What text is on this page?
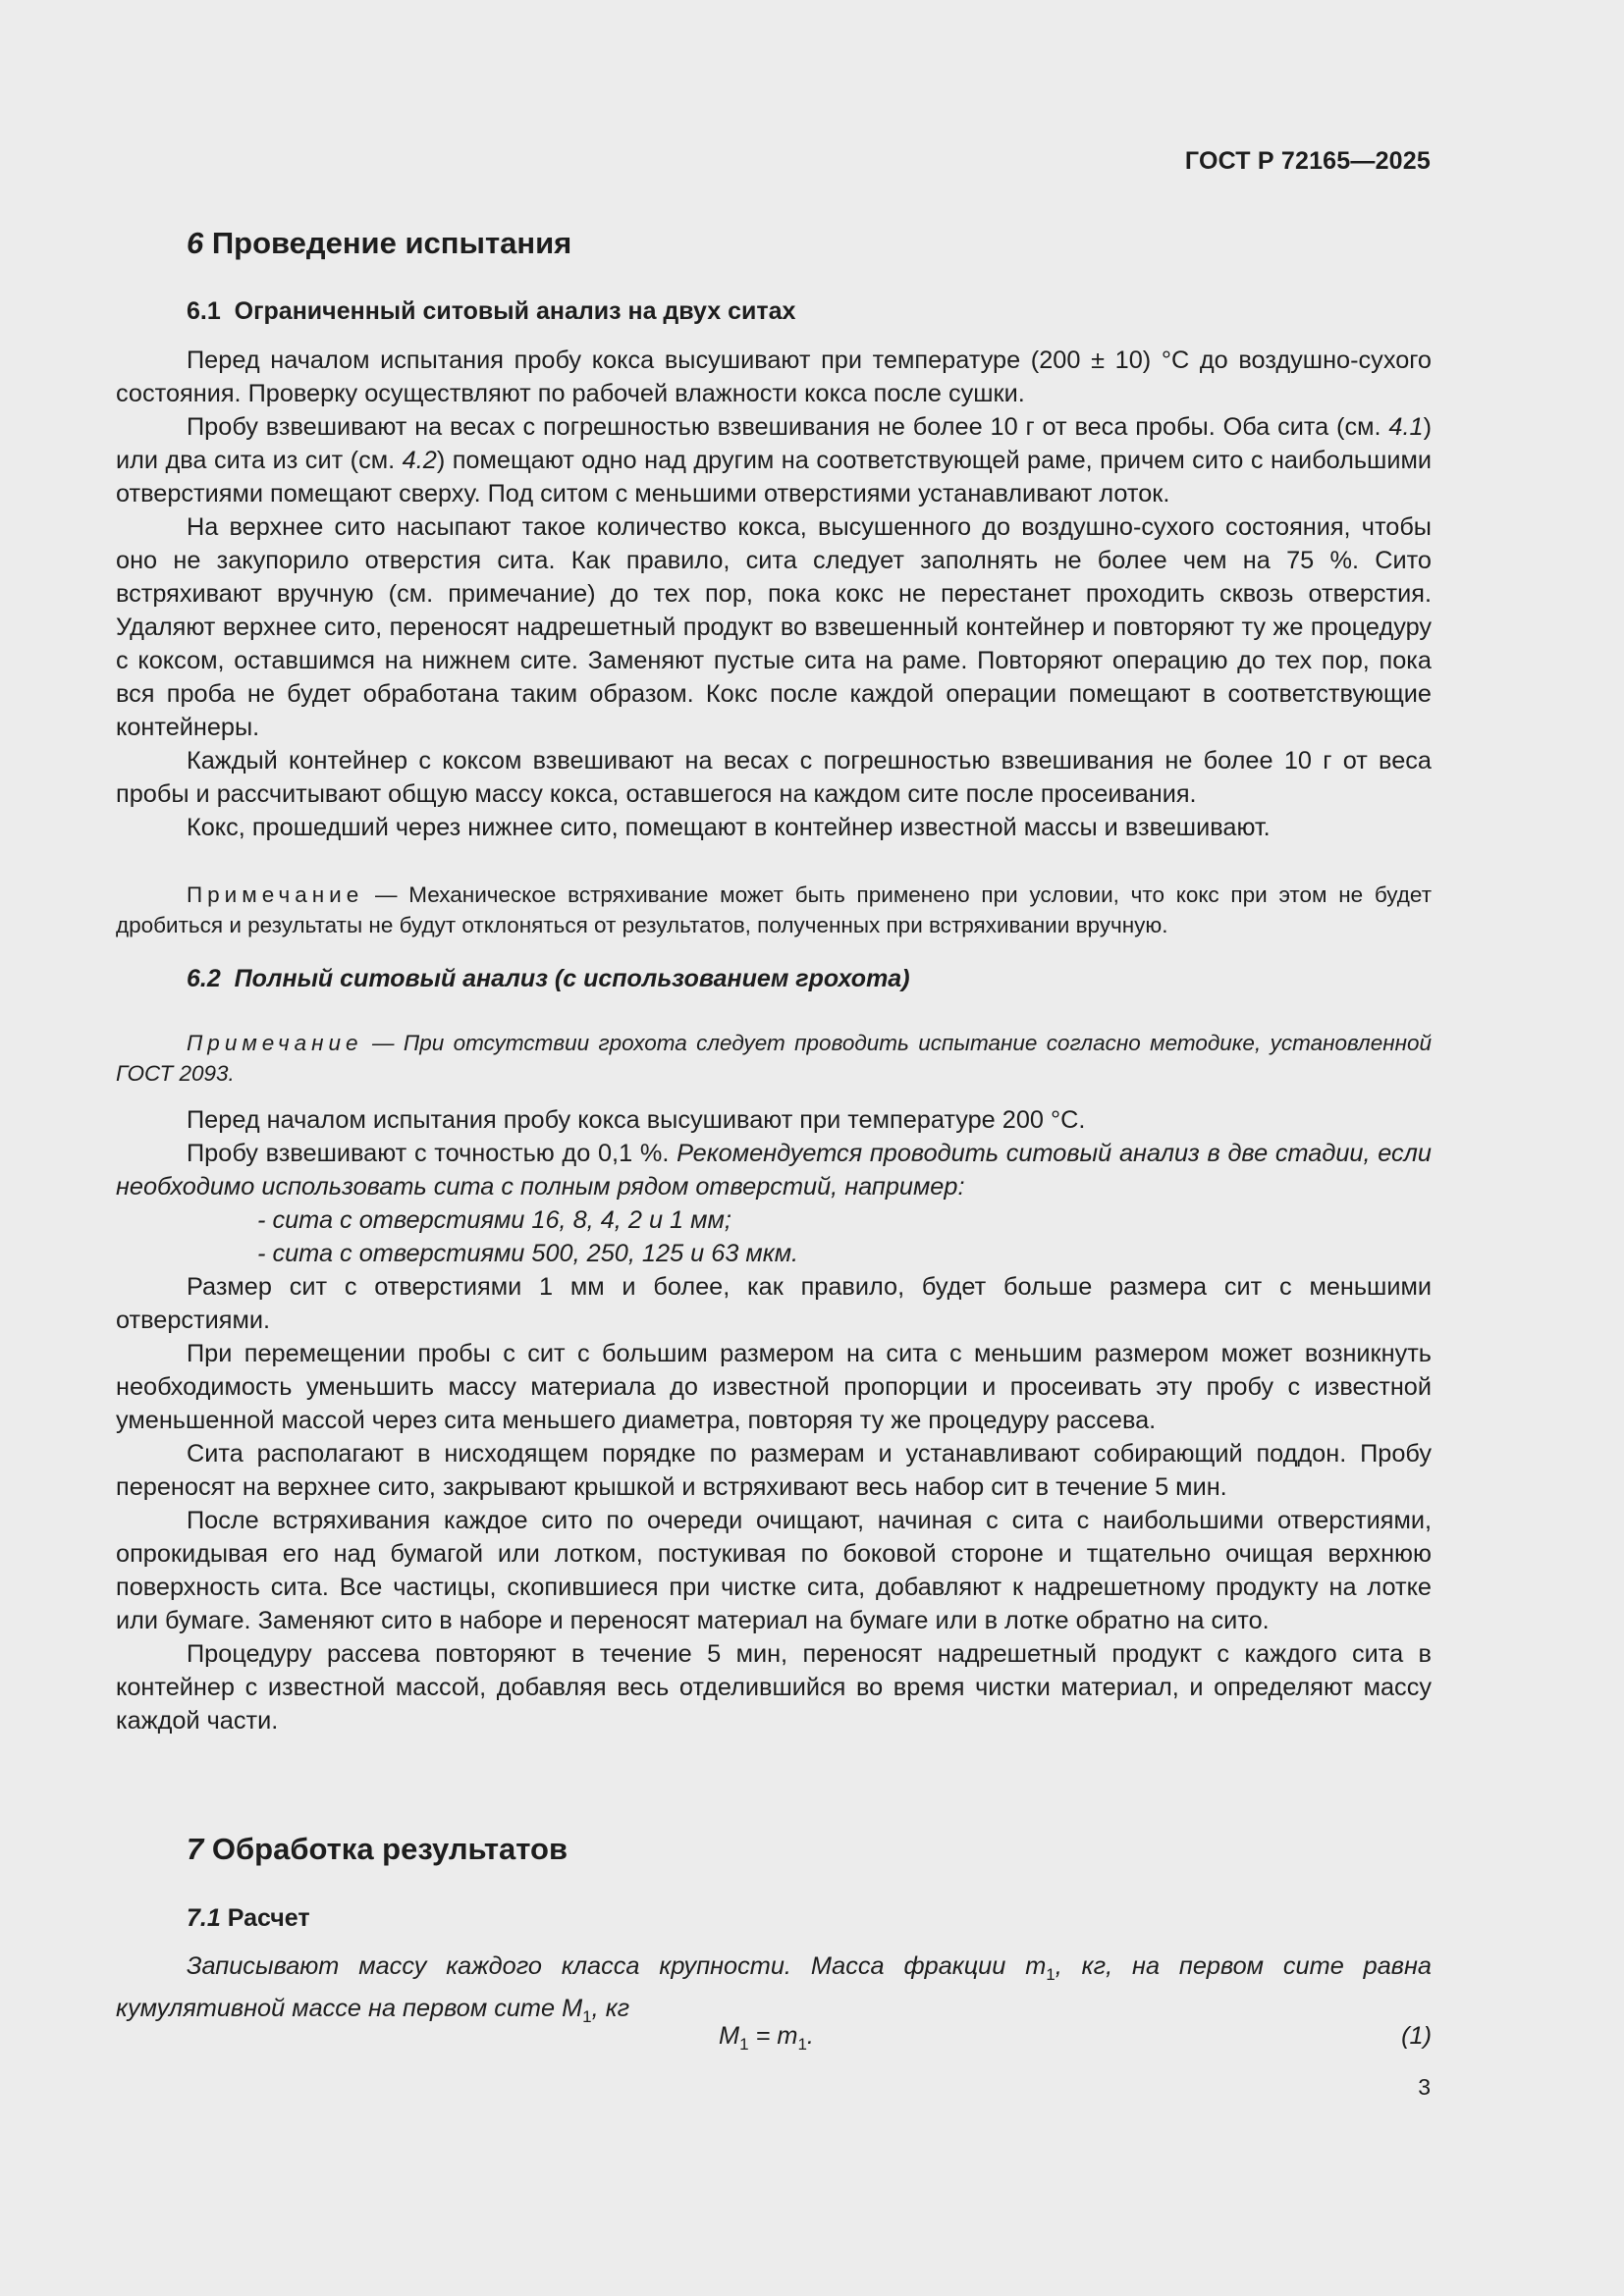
ГОСТ Р 72165—2025
6 Проведение испытания
6.1 Ограниченный ситовый анализ на двух ситах

Перед началом испытания пробу кокса высушивают при температуре (200 ± 10) °С до воздушно-сухого состояния. Проверку осуществляют по рабочей влажности кокса после сушки.

Пробу взвешивают на весах с погрешностью взвешивания не более 10 г от веса пробы. Оба сита (см. 4.1) или два сита из сит (см. 4.2) помещают одно над другим на соответствующей раме, причем сито с наибольшими отверстиями помещают сверху. Под ситом с меньшими отверстиями устанавливают лоток.

На верхнее сито насыпают такое количество кокса, высушенного до воздушно-сухого состояния, чтобы оно не закупорило отверстия сита. Как правило, сита следует заполнять не более чем на 75 %. Сито встряхивают вручную (см. примечание) до тех пор, пока кокс не перестанет проходить сквозь отверстия. Удаляют верхнее сито, переносят надрешетный продукт во взвешенный контейнер и повторяют ту же процедуру с коксом, оставшимся на нижнем сите. Заменяют пустые сита на раме. Повторяют операцию до тех пор, пока вся проба не будет обработана таким образом. Кокс после каждой операции помещают в соответствующие контейнеры.

Каждый контейнер с коксом взвешивают на весах с погрешностью взвешивания не более 10 г от веса пробы и рассчитывают общую массу кокса, оставшегося на каждом сите после просеивания.

Кокс, прошедший через нижнее сито, помещают в контейнер известной массы и взвешивают.

Примечание — Механическое встряхивание может быть применено при условии, что кокс при этом не будет дробиться и результаты не будут отклоняться от результатов, полученных при встряхивании вручную.

6.2 Полный ситовый анализ (с использованием грохота)

Примечание — При отсутствии грохота следует проводить испытание согласно методике, установленной ГОСТ 2093.

Перед началом испытания пробу кокса высушивают при температуре 200 °С.

Пробу взвешивают с точностью до 0,1 %. Рекомендуется проводить ситовый анализ в две стадии, если необходимо использовать сита с полным рядом отверстий, например:

- сита с отверстиями 16, 8, 4, 2 и 1 мм;

- сита с отверстиями 500, 250, 125 и 63 мкм.

Размер сит с отверстиями 1 мм и более, как правило, будет больше размера сит с меньшими отверстиями.

При перемещении пробы с сит с большим размером на сита с меньшим размером может возникнуть необходимость уменьшить массу материала до известной пропорции и просеивать эту пробу с известной уменьшенной массой через сита меньшего диаметра, повторяя ту же процедуру рассева.

Сита располагают в нисходящем порядке по размерам и устанавливают собирающий поддон. Пробу переносят на верхнее сито, закрывают крышкой и встряхивают весь набор сит в течение 5 мин.

После встряхивания каждое сито по очереди очищают, начиная с сита с наибольшими отверстиями, опрокидывая его над бумагой или лотком, постукивая по боковой стороне и тщательно очищая верхнюю поверхность сита. Все частицы, скопившиеся при чистке сита, добавляют к надрешетному продукту на лотке или бумаге. Заменяют сито в наборе и переносят материал на бумаге или в лотке обратно на сито.

Процедуру рассева повторяют в течение 5 мин, переносят надрешетный продукт с каждого сита в контейнер с известной массой, добавляя весь отделившийся во время чистки материал, и определяют массу каждой части.

7 Обработка результатов
7.1 Расчет

Записывают массу каждого класса крупности. Масса фракции $m_1$, кг, на первом сите равна кумулятивной массе на первом сите $M_1$, кг

$M_1 = m_1$.	(1)
3
